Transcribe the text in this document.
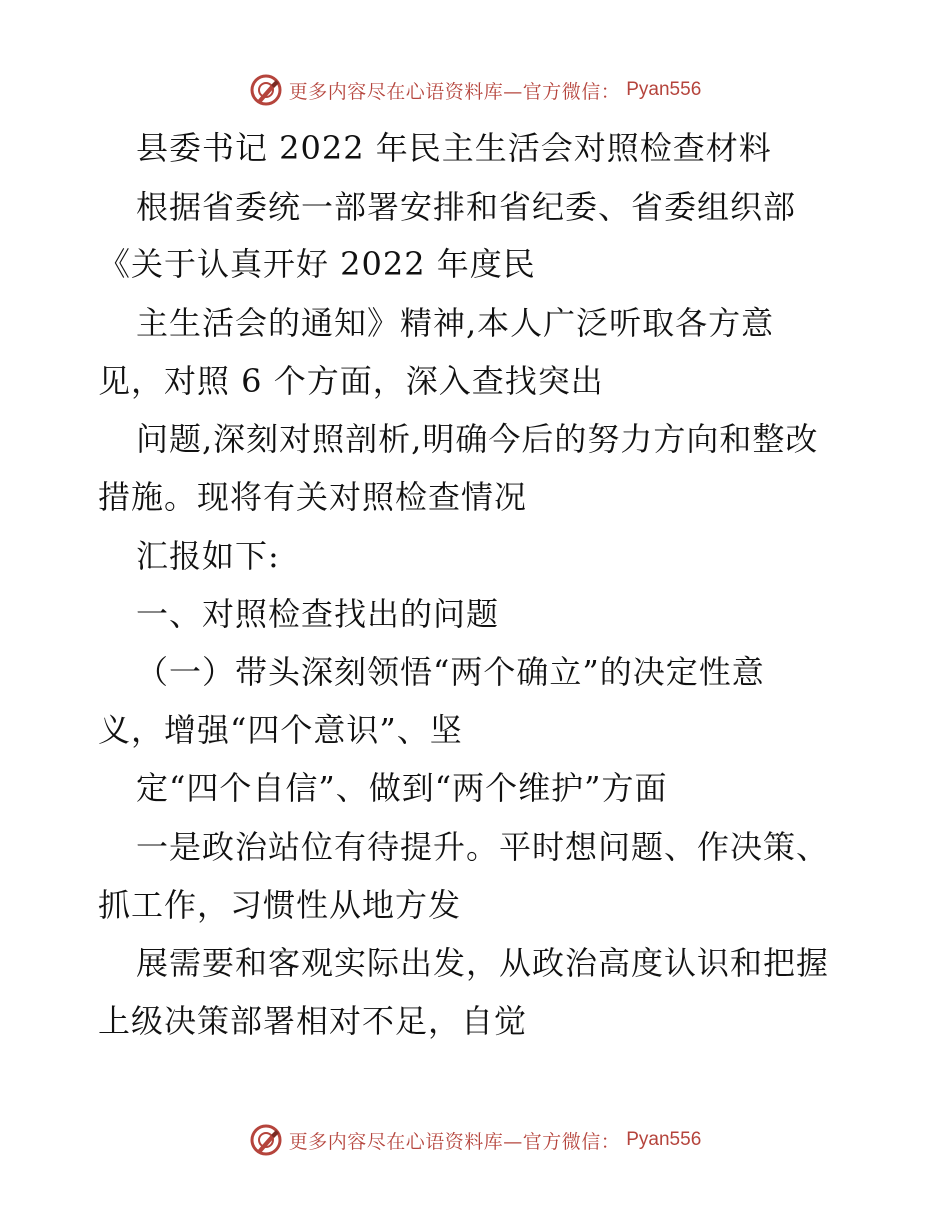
更多内容尽在心语资料库—官方微信： Pyan556
县委书记 2022 年民主生活会对照检查材料
根据省委统一部署安排和省纪委、省委组织部
《关于认真开好 2022 年度民
主生活会的通知》精神,本人广泛听取各方意
见，对照 6 个方面，深入查找突出
问题,深刻对照剖析,明确今后的努力方向和整改
措施。现将有关对照检查情况
汇报如下:
一、对照检查找出的问题
（一）带头深刻领悟“两个确立”的决定性意
义，增强“四个意识”、坚
定“四个自信”、做到“两个维护”方面
一是政治站位有待提升。平时想问题、作决策、
抓工作，习惯性从地方发
展需要和客观实际出发，从政治高度认识和把握
上级决策部署相对不足，自觉
更多内容尽在心语资料库—官方微信： Pyan556
